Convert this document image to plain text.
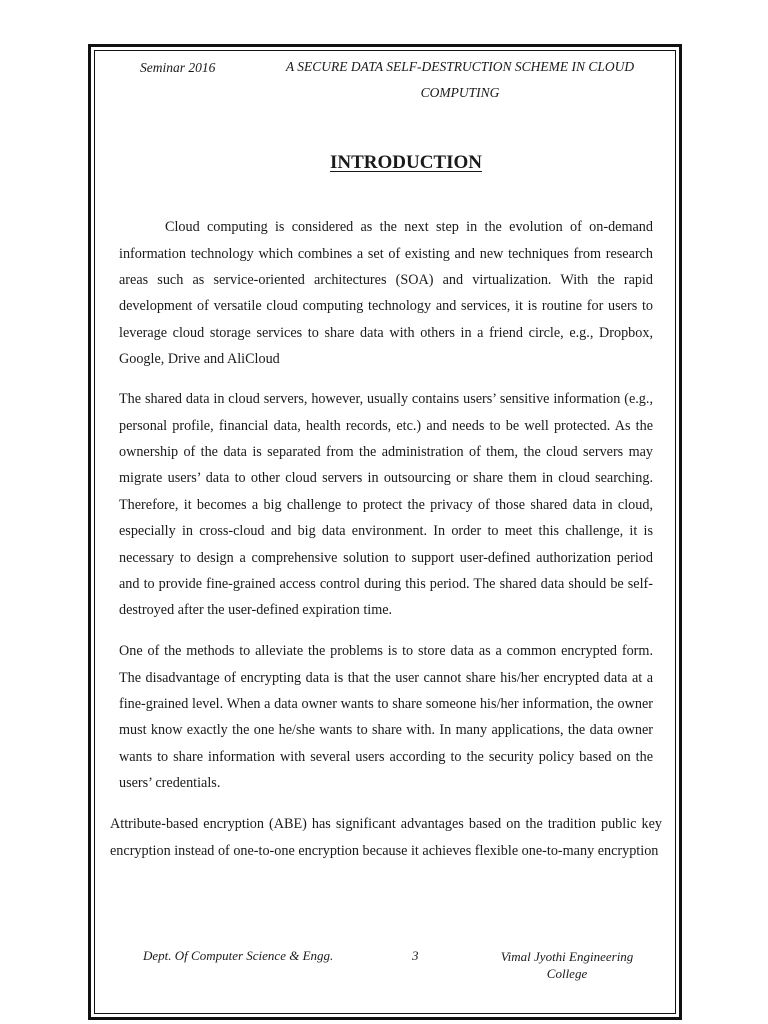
Seminar 2016	A SECURE DATA SELF-DESTRUCTION SCHEME IN CLOUD COMPUTING
INTRODUCTION

Cloud computing is considered as the next step in the evolution of on-demand information technology which combines a set of existing and new techniques from research areas such as service-oriented architectures (SOA) and virtualization. With the rapid development of versatile cloud computing technology and services, it is routine for users to leverage cloud storage services to share data with others in a friend circle, e.g., Dropbox, Google, Drive and AliCloud

The shared data in cloud servers, however, usually contains users’ sensitive information (e.g., personal profile, financial data, health records, etc.) and needs to be well protected. As the ownership of the data is separated from the administration of them, the cloud servers may migrate users’ data to other cloud servers in outsourcing or share them in cloud searching. Therefore, it becomes a big challenge to protect the privacy of those shared data in cloud, especially in cross-cloud and big data environment. In order to meet this challenge, it is necessary to design a comprehensive solution to support user-defined authorization period and to provide fine-grained access control during this period. The shared data should be self-destroyed after the user-defined expiration time.

One of the methods to alleviate the problems is to store data as a common encrypted form. The disadvantage of encrypting data is that the user cannot share his/her encrypted data at a fine-grained level. When a data owner wants to share someone his/her information, the owner must know exactly the one he/she wants to share with. In many applications, the data owner wants to share information with several users according to the security policy based on the users’ credentials.

Attribute-based encryption (ABE) has significant advantages based on the tradition public key encryption instead of one-to-one encryption because it achieves flexible one-to-many encryption

Dept. Of Computer Science & Engg.	3	Vimal Jyothi Engineering College
